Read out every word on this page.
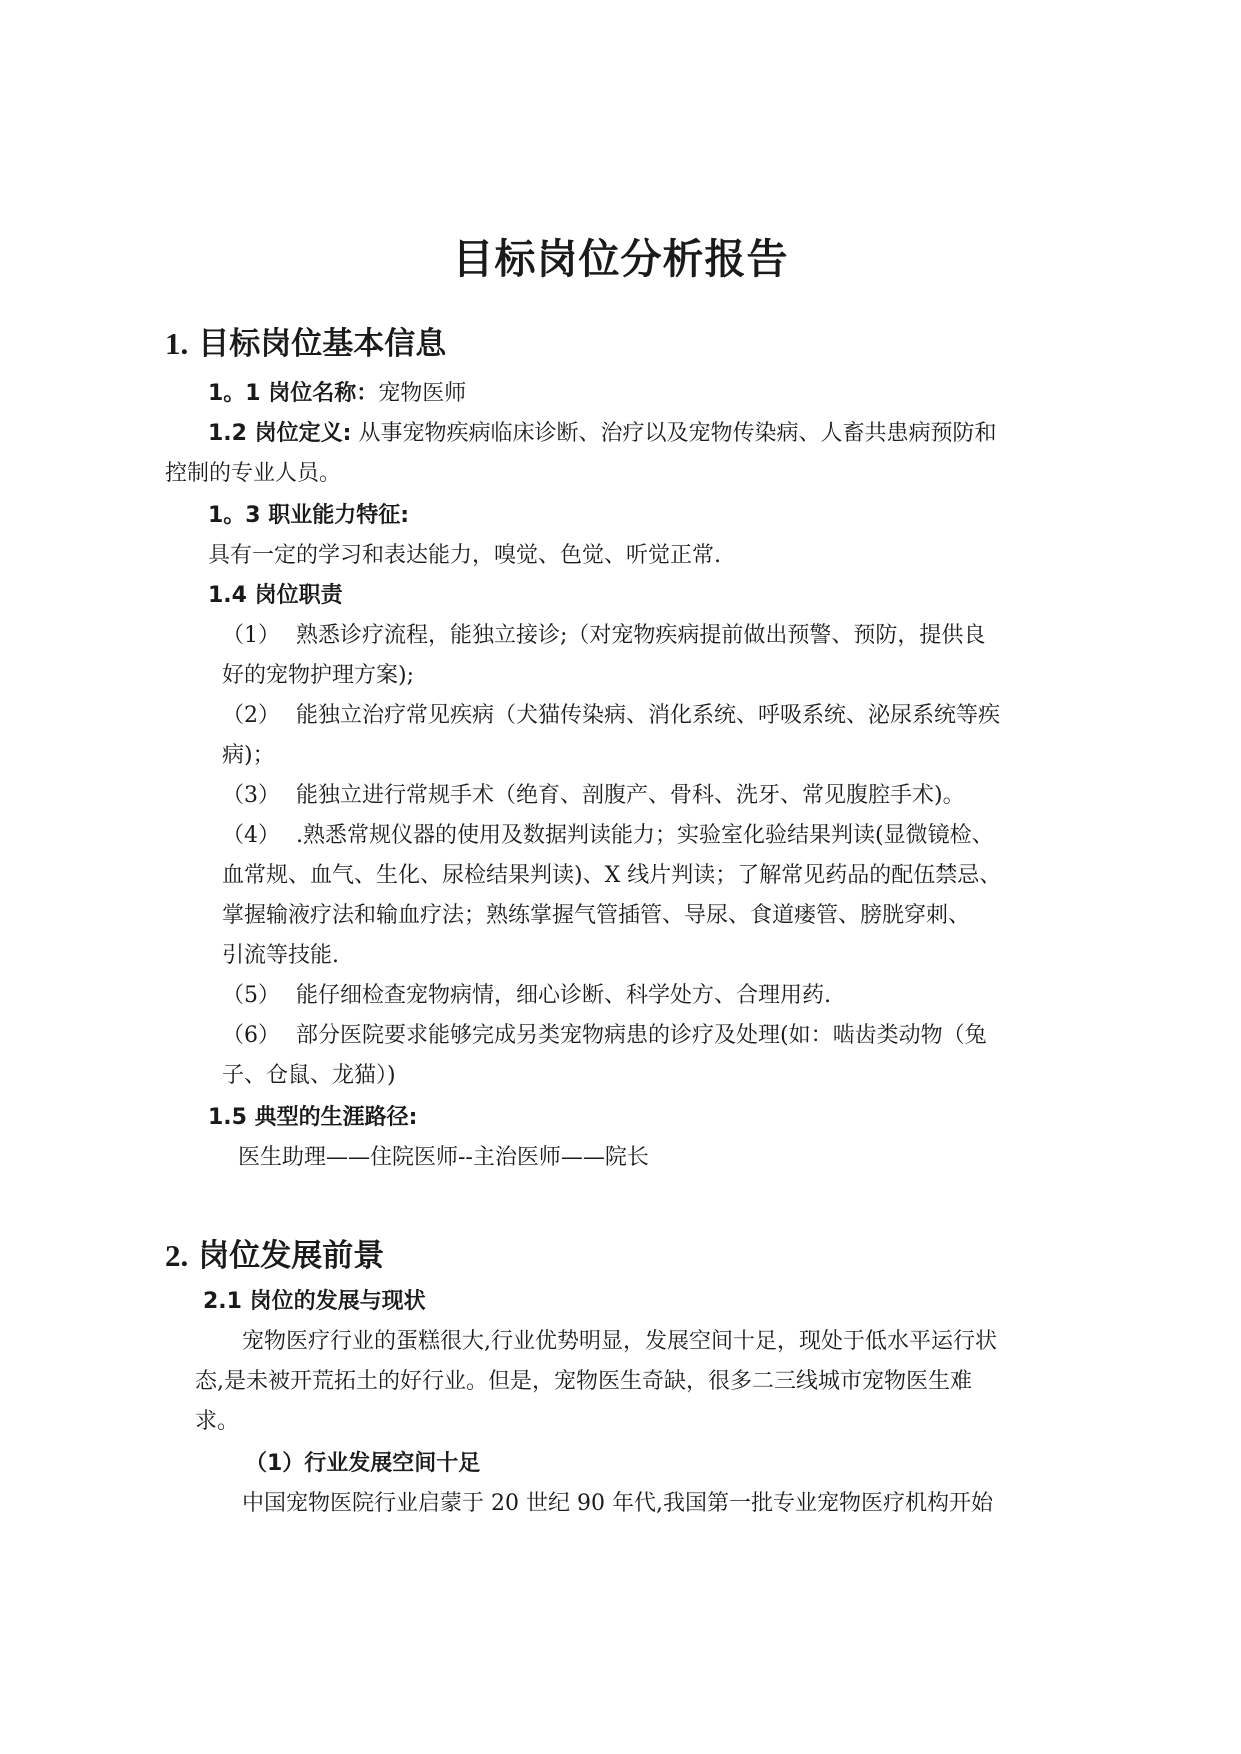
目标岗位分析报告
1. 目标岗位基本信息
1。1 岗位名称：宠物医师
1.2 岗位定义: 从事宠物疾病临床诊断、治疗以及宠物传染病、人畜共患病预防和
控制的专业人员。
1。3 职业能力特征:
具有一定的学习和表达能力，嗅觉、色觉、听觉正常.
1.4 岗位职责
（1） 熟悉诊疗流程，能独立接诊;（对宠物疾病提前做出预警、预防，提供良
好的宠物护理方案);
（2） 能独立治疗常见疾病（犬猫传染病、消化系统、呼吸系统、泌尿系统等疾
病)；
（3） 能独立进行常规手术（绝育、剖腹产、骨科、洗牙、常见腹腔手术)。
（4） .熟悉常规仪器的使用及数据判读能力；实验室化验结果判读(显微镜检、
血常规、血气、生化、尿检结果判读)、X 线片判读；了解常见药品的配伍禁忌、
掌握输液疗法和输血疗法；熟练掌握气管插管、导尿、食道瘘管、膀胱穿刺、
引流等技能.
（5） 能仔细检查宠物病情，细心诊断、科学处方、合理用药.
（6） 部分医院要求能够完成另类宠物病患的诊疗及处理(如：啮齿类动物（兔
子、仓鼠、龙猫）)
1.5 典型的生涯路径:
医生助理——住院医师--主治医师——院长
2. 岗位发展前景
2.1 岗位的发展与现状
宠物医疗行业的蛋糕很大,行业优势明显，发展空间十足，现处于低水平运行状
态,是未被开荒拓土的好行业。但是，宠物医生奇缺，很多二三线城市宠物医生难
求。
（1）行业发展空间十足
中国宠物医院行业启蒙于 20 世纪 90 年代,我国第一批专业宠物医疗机构开始
